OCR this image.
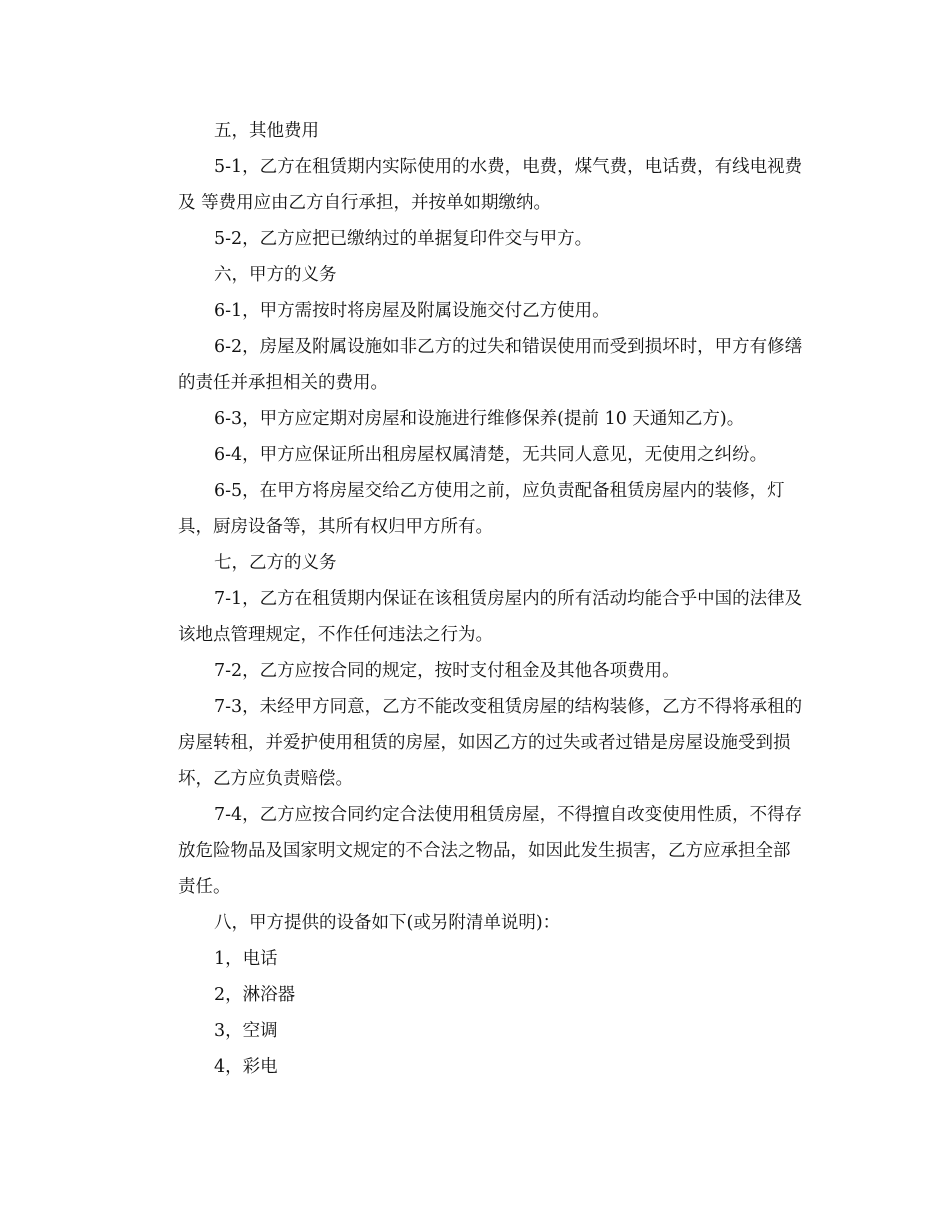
五，其他费用
5-1，乙方在租赁期内实际使用的水费，电费，煤气费，电话费，有线电视费
及 等费用应由乙方自行承担，并按单如期缴纳。
5-2，乙方应把已缴纳过的单据复印件交与甲方。
六，甲方的义务
6-1，甲方需按时将房屋及附属设施交付乙方使用。
6-2，房屋及附属设施如非乙方的过失和错误使用而受到损坏时，甲方有修缮
的责任并承担相关的费用。
6-3，甲方应定期对房屋和设施进行维修保养(提前 10 天通知乙方)。
6-4，甲方应保证所出租房屋权属清楚，无共同人意见，无使用之纠纷。
6-5，在甲方将房屋交给乙方使用之前，应负责配备租赁房屋内的装修，灯
具，厨房设备等，其所有权归甲方所有。
七，乙方的义务
7-1，乙方在租赁期内保证在该租赁房屋内的所有活动均能合乎中国的法律及
该地点管理规定，不作任何违法之行为。
7-2，乙方应按合同的规定，按时支付租金及其他各项费用。
7-3，未经甲方同意，乙方不能改变租赁房屋的结构装修，乙方不得将承租的
房屋转租，并爱护使用租赁的房屋，如因乙方的过失或者过错是房屋设施受到损
坏，乙方应负责赔偿。
7-4，乙方应按合同约定合法使用租赁房屋，不得擅自改变使用性质，不得存
放危险物品及国家明文规定的不合法之物品，如因此发生损害，乙方应承担全部
责任。
八，甲方提供的设备如下(或另附清单说明)：
1，电话
2，淋浴器
3，空调
4，彩电
